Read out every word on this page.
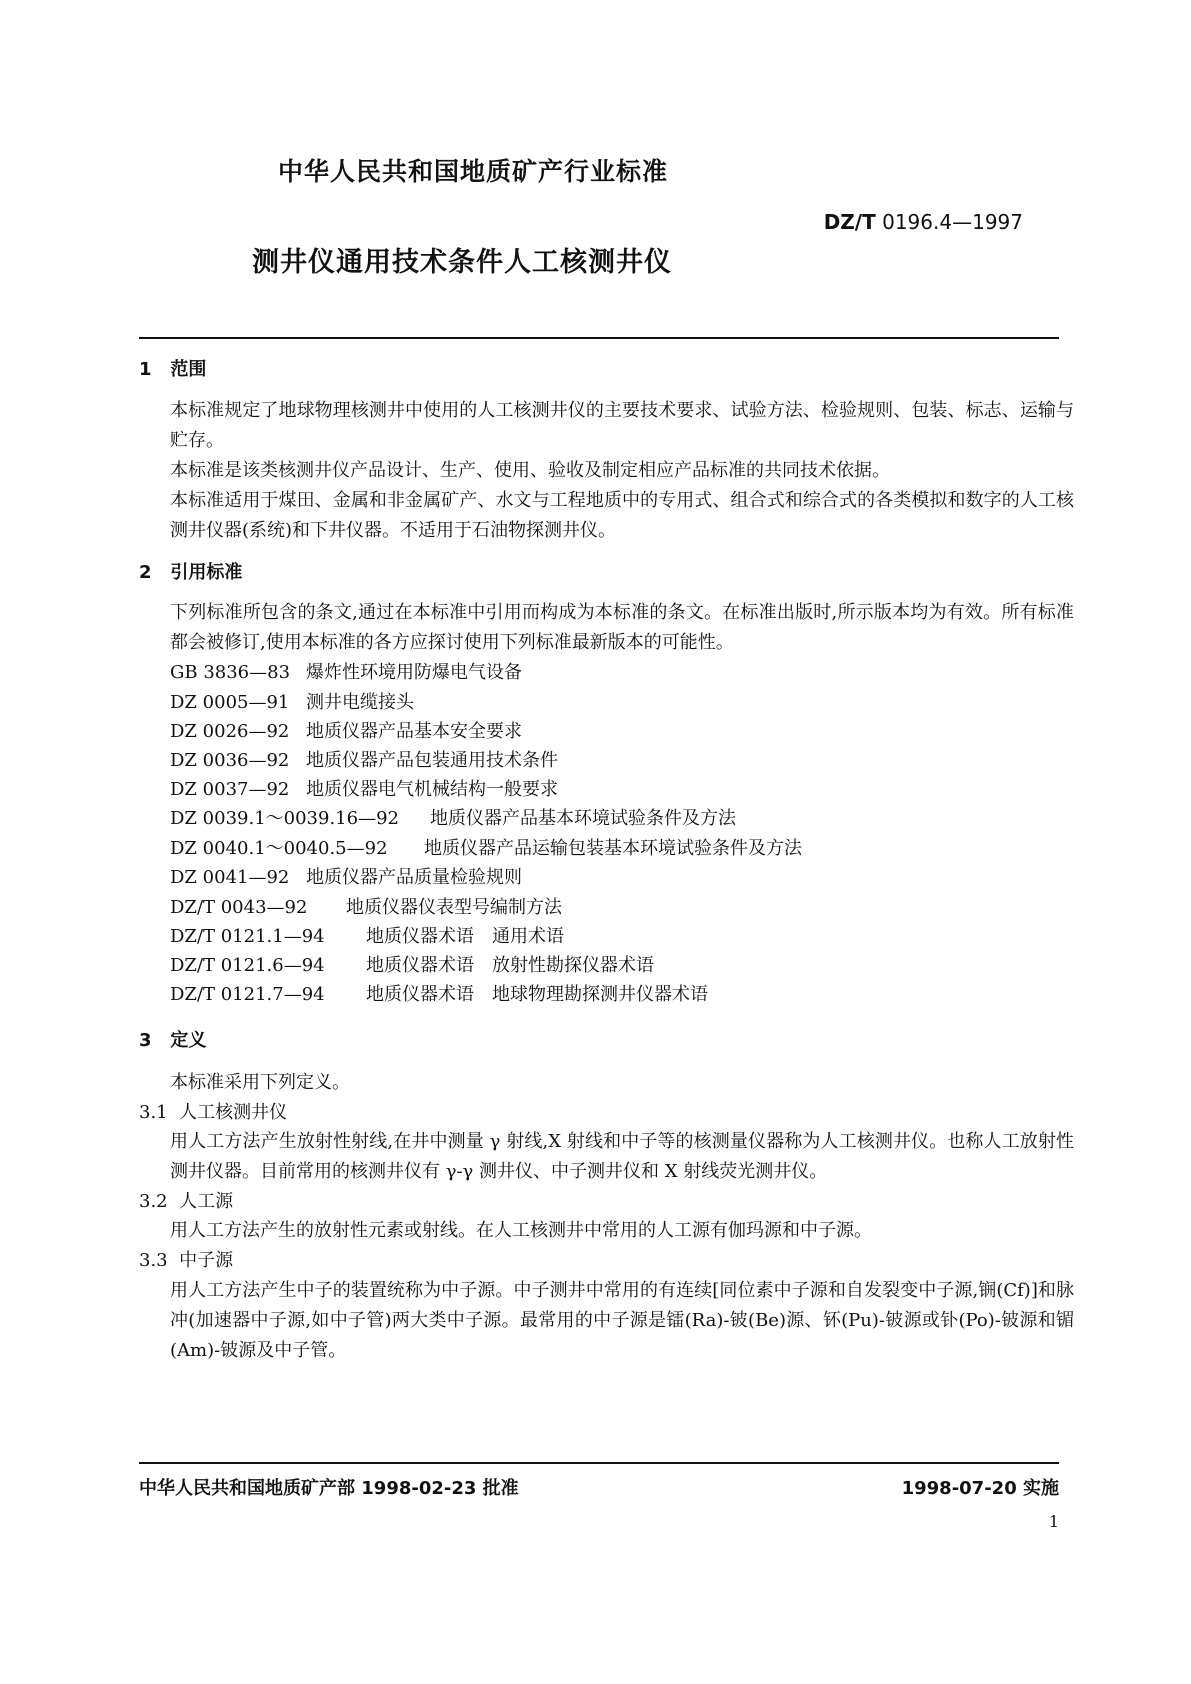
中华人民共和国地质矿产行业标准
DZ/T 0196.4—1997
测井仪通用技术条件人工核测井仪
1 范围
本标准规定了地球物理核测井中使用的人工核测井仪的主要技术要求、试验方法、检验规则、包装、标志、运输与贮存。
本标准是该类核测井仪产品设计、生产、使用、验收及制定相应产品标准的共同技术依据。
本标准适用于煤田、金属和非金属矿产、水文与工程地质中的专用式、组合式和综合式的各类模拟和数字的人工核测井仪器(系统)和下井仪器。不适用于石油物探测井仪。
2 引用标准
下列标准所包含的条文,通过在本标准中引用而构成为本标准的条文。在标准出版时,所示版本均为有效。所有标准都会被修订,使用本标准的各方应探讨使用下列标准最新版本的可能性。
GB 3836—83 爆炸性环境用防爆电气设备
DZ 0005—91 测井电缆接头
DZ 0026—92 地质仪器产品基本安全要求
DZ 0036—92 地质仪器产品包装通用技术条件
DZ 0037—92 地质仪器电气机械结构一般要求
DZ 0039.1～0039.16—92 地质仪器产品基本环境试验条件及方法
DZ 0040.1～0040.5—92 地质仪器产品运输包装基本环境试验条件及方法
DZ 0041—92 地质仪器产品质量检验规则
DZ/T 0043—92 地质仪器仪表型号编制方法
DZ/T 0121.1—94 地质仪器术语　通用术语
DZ/T 0121.6—94 地质仪器术语　放射性勘探仪器术语
DZ/T 0121.7—94 地质仪器术语　地球物理勘探测井仪器术语
3 定义
本标准采用下列定义。
3.1 人工核测井仪
用人工方法产生放射性射线,在井中测量 γ 射线,X 射线和中子等的核测量仪器称为人工核测井仪。也称人工放射性测井仪器。目前常用的核测井仪有 γ-γ 测井仪、中子测井仪和 X 射线荧光测井仪。
3.2 人工源
用人工方法产生的放射性元素或射线。在人工核测井中常用的人工源有伽玛源和中子源。
3.3 中子源
用人工方法产生中子的装置统称为中子源。中子测井中常用的有连续[同位素中子源和自发裂变中子源,锎(Cf)]和脉冲(加速器中子源,如中子管)两大类中子源。最常用的中子源是镭(Ra)-铍(Be)源、钚(Pu)-铍源或钋(Po)-铍源和镅(Am)-铍源及中子管。
中华人民共和国地质矿产部 1998-02-23 批准	1998-07-20 实施
1
